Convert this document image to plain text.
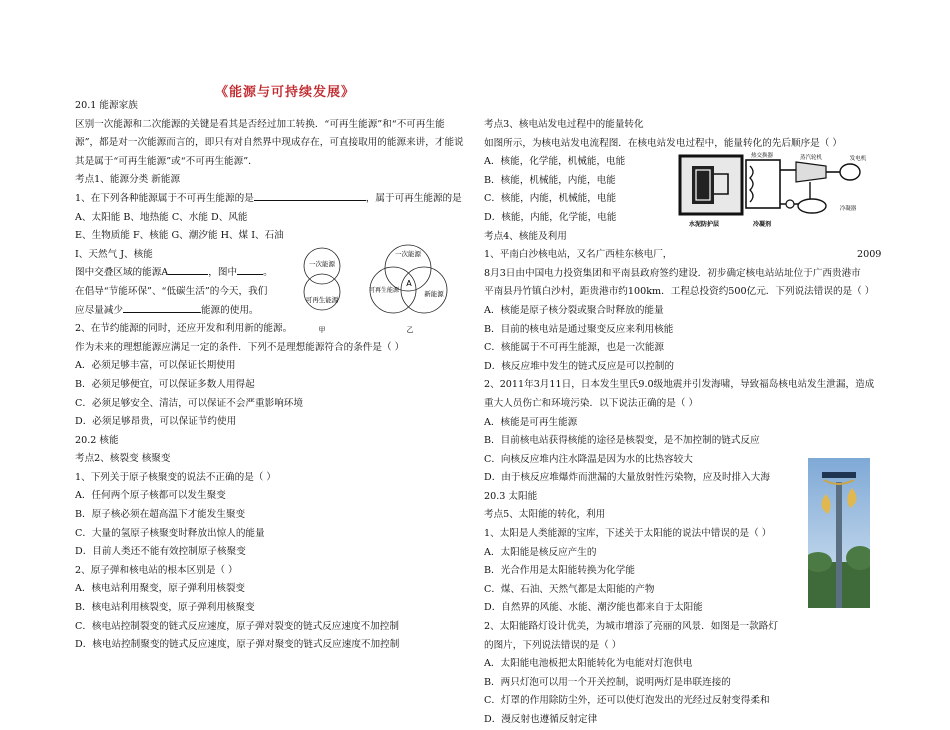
《能源与可持续发展》
20.1 能源家族
区别一次能源和二次能源的关键是看其是否经过加工转换．“可再生能源”和“不可再生能
源”，都是对一次能源而言的，即只有对自然界中现成存在，可直接取用的能源来讲，才能说
其是属于“可再生能源”或“不可再生能源”．
考点1、能源分类 新能源
1、在下列各种能源属于不可再生能源的是	，属于可再生能源的是
A、太阳能 B、地热能 C、水能 D、风能
E、生物质能 F、核能 G、潮汐能 H、煤 I、石油
I、天然气 J、核能
图中交叠区域的能源A	，图中	。
在倡导“节能环保”、“低碳生活”的今天，我们
应尽量减少	能源的使用。
2、在节约能源的同时，还应开发和利用新的能源。
作为未来的理想能源应满足一定的条件．下列不是理想能源符合的条件是（ ）
A．必须足够丰富，可以保证长期使用
B．必须足够便宜，可以保证多数人用得起
C．必须足够安全、清洁，可以保证不会严重影响环境
D．必须足够昂贵，可以保证节约使用
20.2 核能
考点2、核裂变 核聚变
1、下列关于原子核聚变的说法不正确的是（ ）
A．任何两个原子核都可以发生聚变
B．原子核必须在超高温下才能发生聚变
C．大量的氢原子核聚变时释放出惊人的能量
D．目前人类还不能有效控制原子核聚变
2、原子弹和核电站的根本区别是（ ）
A．核电站利用聚变，原子弹利用核裂变
B．核电站利用核裂变，原子弹利用核聚变
C．核电站控制裂变的链式反应速度，原子弹对裂变的链式反应速度不加控制
D．核电站控制聚变的链式反应速度，原子弹对聚变的链式反应速度不加控制
一次能源
可再生能源
甲
一次能源
可再生能源	新能源
A
乙
考点3、核电站发电过程中的能量转化
如图所示，为核电站发电流程图．在核电站发电过程中，能量转化的先后顺序是（ ）
A．核能，化学能，机械能，电能
B．核能，机械能，内能，电能
C．核能，内能，机械能，电能
D．核能，内能，化学能，电能
考点4、核能及利用
1、平南白沙核电站，又名广西桂东核电厂，	2009
8月3日由中国电力投资集团和平南县政府签约建设．初步确定核电站站址位于广西贵港市
平南县丹竹镇白沙村，距贵港市约100km．工程总投资约500亿元．下列说法错误的是（ ）
A．核能是原子核分裂或聚合时释放的能量
B．目前的核电站是通过聚变反应来利用核能
C．核能属于不可再生能源，也是一次能源
D．核反应堆中发生的链式反应是可以控制的
2、2011年3月11日，日本发生里氏9.0级地震并引发海啸，导致福岛核电站发生泄漏，造成
重大人员伤亡和环境污染．以下说法正确的是（ ）
A．核能是可再生能源
B．目前核电站获得核能的途径是核裂变，是不加控制的链式反应
C．向核反应堆内注水降温是因为水的比热容较大
D．由于核反应堆爆炸而泄漏的大量放射性污染物，应及时排入大海
20.3 太阳能
考点5、太阳能的转化，利用
1、太阳是人类能源的宝库，下述关于太阳能的说法中错误的是（ ）
A．太阳能是核反应产生的
B．光合作用是太阳能转换为化学能
C．煤、石油、天然气都是太阳能的产物
D．自然界的风能、水能、潮汐能也都来自于太阳能
2、太阳能路灯设计优美，为城市增添了亮丽的风景．如图是一款路灯
的图片，下列说法错误的是（ ）
A．太阳能电池板把太阳能转化为电能对灯泡供电
B．两只灯泡可以用一个开关控制，说明两灯是串联连接的
C．灯罩的作用除防尘外，还可以使灯泡发出的光经过反射变得柔和
D．漫反射也遵循反射定律
热交换器	蒸汽轮机	发电机
水泥防护层	冷凝剂
冷凝器
